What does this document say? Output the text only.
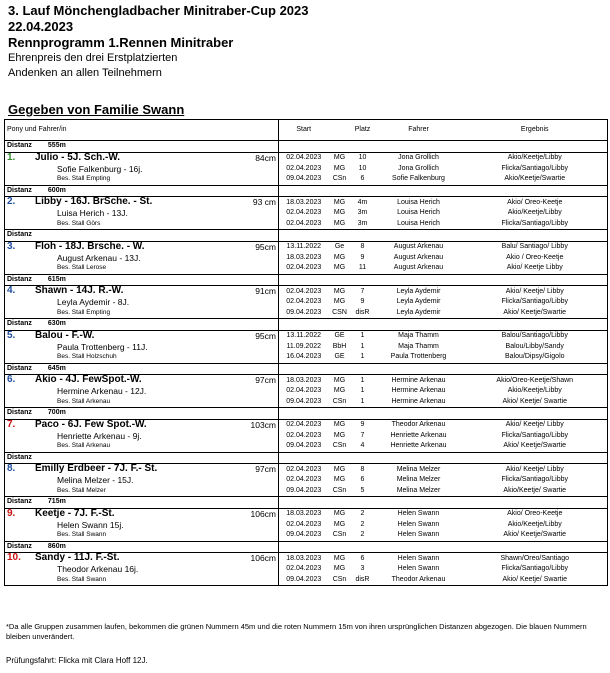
3. Lauf Mönchengladbacher Minitraber-Cup 2023
22.04.2023
Rennprogramm 1.Rennen Minitraber
Ehrenpreis den drei Erstplatzierten
Andenken an allen Teilnehmern
Gegeben von Familie Swann
Pony und Fahrer/in	Start		Platz	Fahrer	Ergebnis
Distanz 555m					
1. Julio - 5J. Sch.-W. 84cm	02.04.2023	MG	10	Jona Grollich	Akio/Keetje/Libby
Sofie Falkenburg - 16j.	02.04.2023	MG	10	Jona Grollich	Flicka/Santiago/Libby
Bes. Stall Empting	09.04.2023	CSn	6	Sofie Falkenburg	Akio/Keetje/Swartie
Distanz 600m					
2. Libby - 16J. BrSche. - St. 93 cm	18.03.2023	MG	4m	Louisa Herich	Akio/ Oreo-Keetje
Luisa Herich - 13J.	02.04.2023	MG	3m	Louisa Herich	Akio/Keetje/Libby
Bes. Stall Görs	02.04.2023	MG	3m	Louisa Herich	Flicka/Santiago/Libby
Distanz					
3. Floh - 18J. Brsche. - W. 95cm	13.11.2022	Ge	8	August Arkenau	Balu/ Santiago/ Libby
August Arkenau - 13J.	18.03.2023	MG	9	August Arkenau	Akio / Oreo-Keetje
Bes. Stall Lerose	02.04.2023	MG	11	August Arkenau	Akio/ Keetje Libby
Distanz 615m					
4. Shawn - 14J. R.-W. 91cm	02.04.2023	MG	7	Leyla Aydemir	Akio/ Keetje/ Libby
Leyla Aydemir - 8J.	02.04.2023	MG	9	Leyla Aydemir	Flicka/Santiago/Libby
Bes. Stall Empting	09.04.2023	CSN	disR	Leyla Aydemir	Akio/ Keetje/Swartie
Distanz 630m					
5. Balou - F.-W. 95cm	13.11.2022	GE	1	Maja Thamm	Balou/Santiago/Libby
Paula Trottenberg - 11J.	11.09.2022	BbH	1	Maja Thamm	Balou/Libby/Sandy
Bes. Stall Holzschuh	16.04.2023	GE	1	Paula Trottenberg	Balou/Dipsy/Gigolo
Distanz 645m					
6. Akio - 4J. FewSpot.-W. 97cm	18.03.2023	MG	1	Hermine Arkenau	Akio/Oreo-Keetje/Shawn
Hermine Arkenau - 12J.	02.04.2023	MG	1	Hermine Arkenau	Akio/Keetje/Libby
Bes. Stall Arkenau	09.04.2023	CSn	1	Hermine Arkenau	Akio/ Keetje/ Swartie
Distanz 700m					
7. Paco - 6J. Few Spot.-W. 103cm	02.04.2023	MG	9	Theodor Arkenau	Akio/ Keetje/ Libby
Henriette Arkenau - 9j.	02.04.2023	MG	7	Henriette Arkenau	Flicka/Santiago/Libby
Bes. Stall Arkenau	09.04.2023	CSn	4	Henriette Arkenau	Akio/ Keetje/Swartie
Distanz					
8. Emilly Erdbeer - 7J. F.- St. 97cm	02.04.2023	MG	8	Melina Melzer	Akio/ Keetje/ Libby
Melina Melzer - 15J.	02.04.2023	MG	6	Melina Melzer	Flicka/Santiago/Libby
Bes. Stall Melzer	09.04.2023	CSn	5	Melina Melzer	Akio/Keetje/ Swartie
Distanz 715m					
9. Keetje - 7J. F.-St. 106cm	18.03.2023	MG	2	Helen Swann	Akio/ Oreo-Keetje
Helen Swann 15j.	02.04.2023	MG	2	Helen Swann	Akio/Keetje/Libby
Bes. Stall Swann	09.04.2023	CSn	2	Helen Swann	Akio/ Keetje/Swartie
Distanz 860m					
10. Sandy - 11J. F.-St. 106cm	18.03.2023	MG	6	Helen Swann	Shawn/Oreo/Santiago
Theodor Arkenau 16j.	02.04.2023	MG	3	Helen Swann	Flicka/Santiago/Libby
Bes. Stall Swann	09.04.2023	CSn	disR	Theodor Arkenau	Akio/ Keetje/ Swartie
*Da alle Gruppen zusammen laufen, bekommen die grünen Nummern 45m und die roten Nummern 15m von ihren ursprünglichen Distanzen abgezogen. Die blauen Nummern bleiben unverändert.
Prüfungsfahrt: Flicka mit Clara Hoff 12J.
